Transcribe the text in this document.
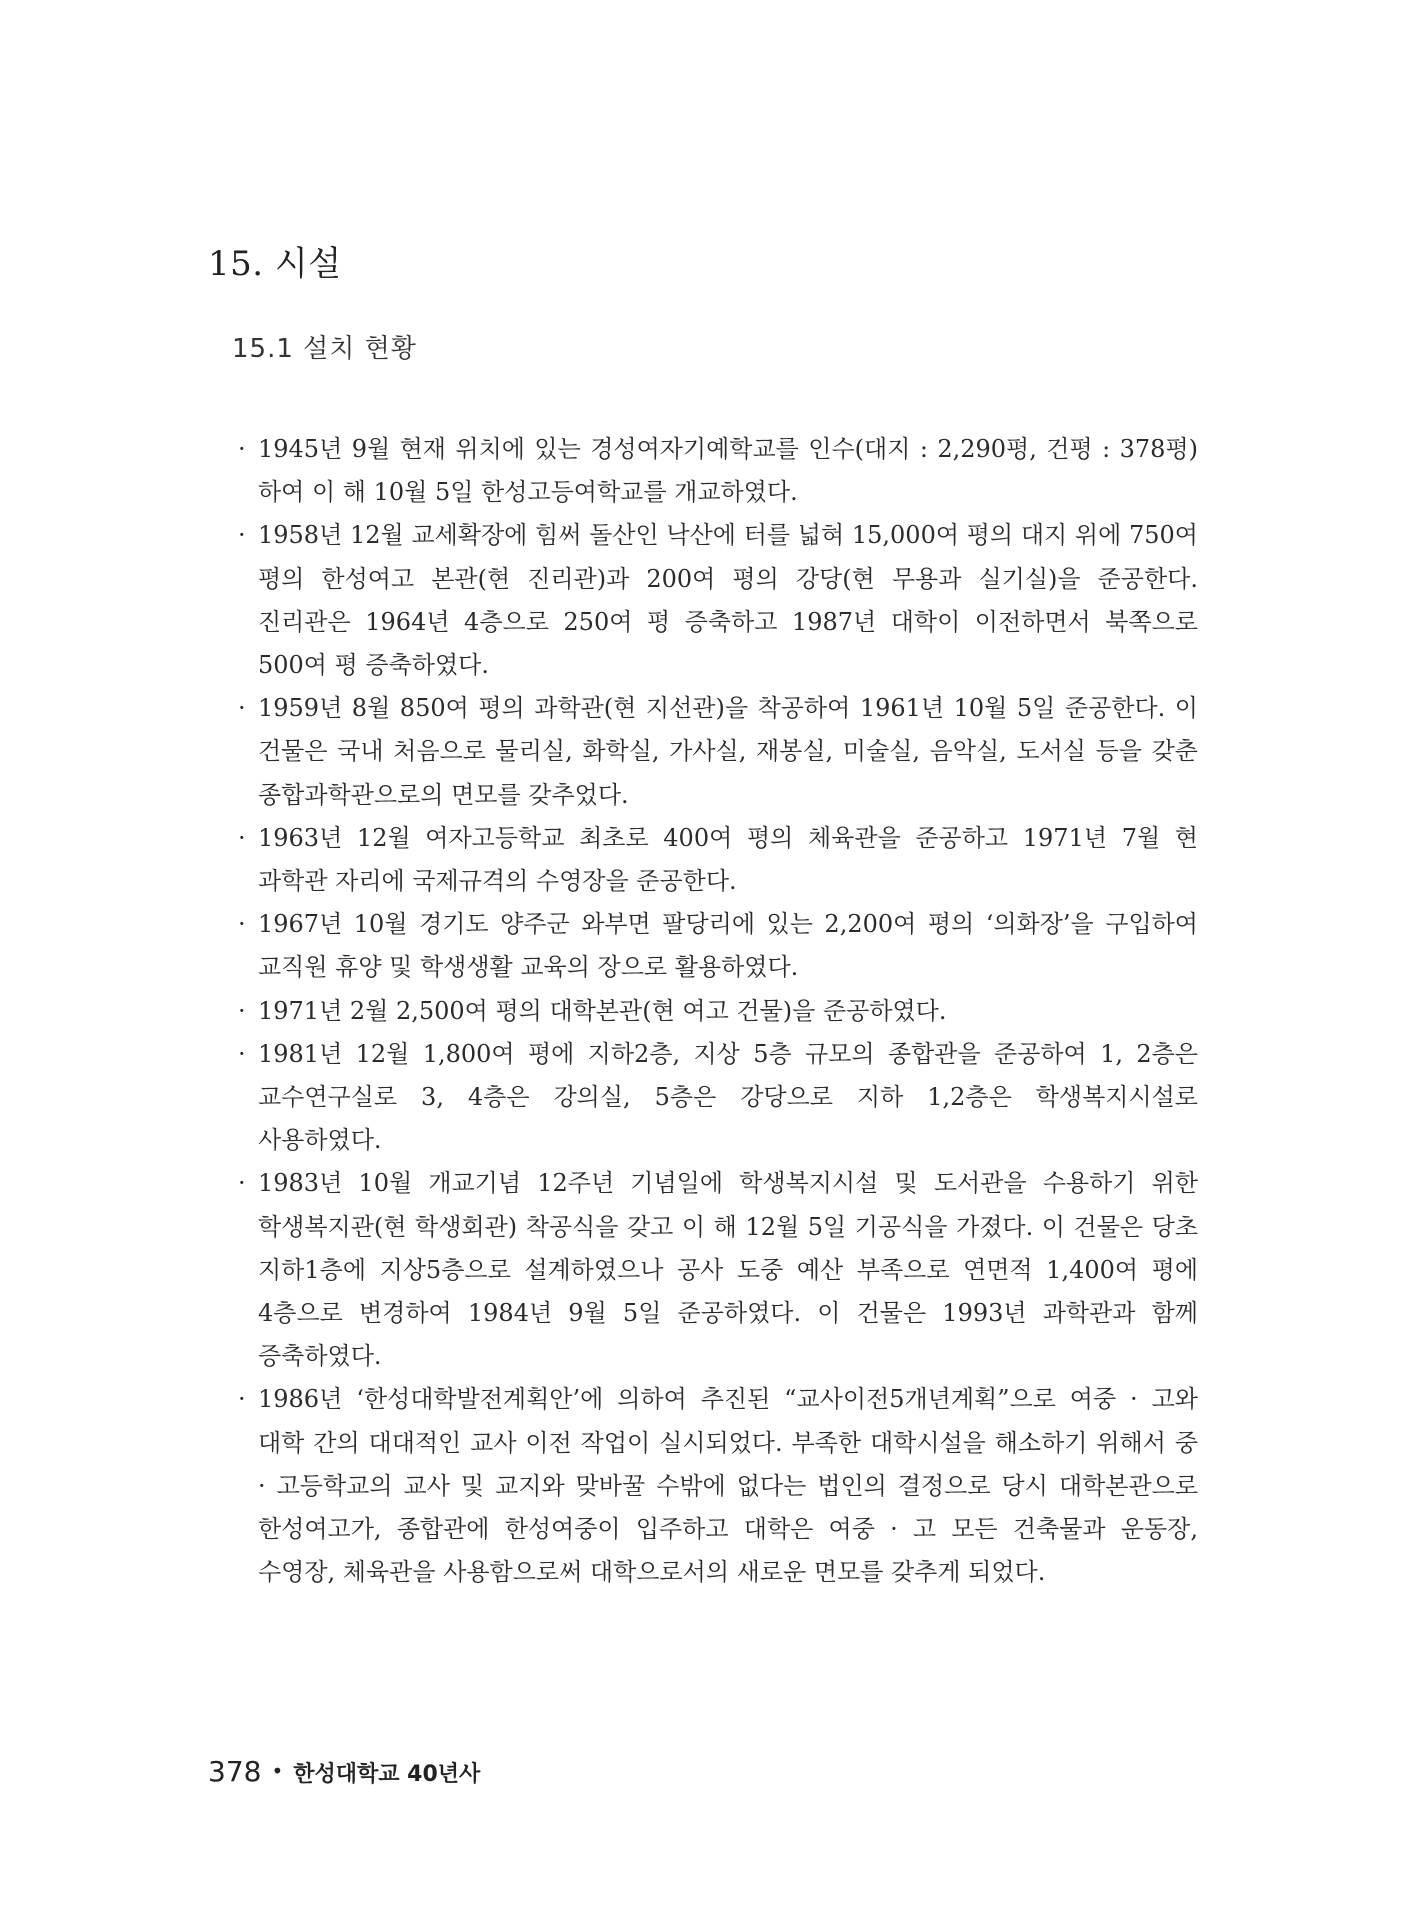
15. 시설
15.1 설치 현황
· 1945년 9월 현재 위치에 있는 경성여자기예학교를 인수(대지 : 2,290평, 건평 : 378평)하여 이 해 10월 5일 한성고등여학교를 개교하였다.
· 1958년 12월 교세확장에 힘써 돌산인 낙산에 터를 넓혀 15,000여 평의 대지 위에 750여 평의 한성여고 본관(현 진리관)과 200여 평의 강당(현 무용과 실기실)을 준공한다. 진리관은 1964년 4층으로 250여 평 증축하고 1987년 대학이 이전하면서 북쪽으로 500여 평 증축하였다.
· 1959년 8월 850여 평의 과학관(현 지선관)을 착공하여 1961년 10월 5일 준공한다. 이 건물은 국내 처음으로 물리실, 화학실, 가사실, 재봉실, 미술실, 음악실, 도서실 등을 갖춘 종합과학관으로의 면모를 갖추었다.
· 1963년 12월 여자고등학교 최초로 400여 평의 체육관을 준공하고 1971년 7월 현 과학관 자리에 국제규격의 수영장을 준공한다.
· 1967년 10월 경기도 양주군 와부면 팔당리에 있는 2,200여 평의 ‘의화장’을 구입하여 교직원 휴양 및 학생생활 교육의 장으로 활용하였다.
· 1971년 2월 2,500여 평의 대학본관(현 여고 건물)을 준공하였다.
· 1981년 12월 1,800여 평에 지하2층, 지상 5층 규모의 종합관을 준공하여 1, 2층은 교수연구실로 3, 4층은 강의실, 5층은 강당으로 지하 1,2층은 학생복지시설로 사용하였다.
· 1983년 10월 개교기념 12주년 기념일에 학생복지시설 및 도서관을 수용하기 위한 학생복지관(현 학생회관) 착공식을 갖고 이 해 12월 5일 기공식을 가졌다. 이 건물은 당초 지하1층에 지상5층으로 설계하였으나 공사 도중 예산 부족으로 연면적 1,400여 평에 4층으로 변경하여 1984년 9월 5일 준공하였다. 이 건물은 1993년 과학관과 함께 증축하였다.
· 1986년 ‘한성대학발전계획안’에 의하여 추진된 “교사이전5개년계획”으로 여중 · 고와 대학 간의 대대적인 교사 이전 작업이 실시되었다. 부족한 대학시설을 해소하기 위해서 중 · 고등학교의 교사 및 교지와 맞바꿀 수밖에 없다는 법인의 결정으로 당시 대학본관으로 한성여고가, 종합관에 한성여중이 입주하고 대학은 여중 · 고 모든 건축물과 운동장, 수영장, 체육관을 사용함으로써 대학으로서의 새로운 면모를 갖추게 되었다.
378 • 한성대학교 40년사
